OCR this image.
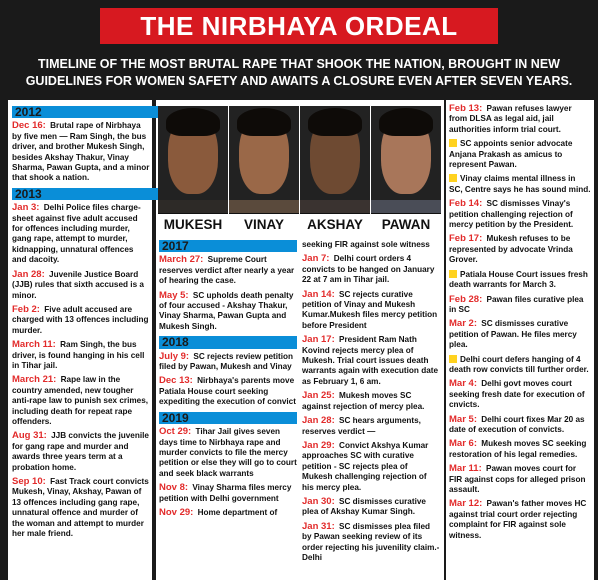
THE NIRBHAYA ORDEAL
TIMELINE OF THE MOST BRUTAL RAPE THAT SHOOK THE NATION, BROUGHT IN NEW GUIDELINES FOR WOMEN SAFETY AND AWAITS A CLOSURE EVEN AFTER SEVEN YEARS.
MUKESH	VINAY	AKSHAY	PAWAN
2012
Dec 16: Brutal rape of Nirbhaya by five men — Ram Singh, the bus driver, and brother Mukesh Singh, besides Akshay Thakur, Vinay Sharma, Pawan Gupta, and a minor that shook a nation.
2013
Jan 3: Delhi Police files charge-sheet against five adult accused for offences including murder, gang rape, attempt to murder, kidnapping, unnatural offences and dacoity.
Jan 28: Juvenile Justice Board (JJB) rules that sixth accused is a minor.
Feb 2: Five adult accused are charged with 13 offences including murder.
March 11: Ram Singh, the bus driver, is found hanging in his cell in Tihar jail.
March 21: Rape law in the country amended, new tougher anti-rape law to punish sex crimes, including death for repeat rape offenders.
Aug 31: JJB convicts the juvenile for gang rape and murder and awards three years term at a probation home.
Sep 10: Fast Track court convicts Mukesh, Vinay, Akshay, Pawan of 13 offences including gang rape, unnatural offence and murder of the woman and attempt to murder her male friend.
2017
March 27: Supreme Court reserves verdict after nearly a year of hearing the case.
May 5: SC upholds death penalty of four accused - Akshay Thakur, Vinay Sharma, Pawan Gupta and Mukesh Singh.
2018
July 9: SC rejects review petition filed by Pawan, Mukesh and Vinay
Dec 13: Nirbhaya's parents move Patiala House court seeking expediting the execution of convict
2019
Oct 29: Tihar Jail gives seven days time to Nirbhaya rape and murder convicts to file the mercy petition or else they will go to court and seek black warrants
Nov 8: Vinay Sharma files mercy petition with Delhi government
Nov 29: Home department of
seeking FIR against sole witness
Jan 7: Delhi court orders 4 convicts to be hanged on January 22 at 7 am in Tihar jail.
Jan 14: SC rejects curative petition of Vinay and Mukesh Kumar.Mukesh files mercy petition before President
Jan 17: President Ram Nath Kovind rejects mercy plea of Mukesh. Trial court issues death warrants again with execution date as February 1, 6 am.
Jan 25: Mukesh moves SC against rejection of mercy plea.
Jan 28: SC hears arguments, reserves verdict —
Jan 29: Convict Akshya Kumar approaches SC with curative petition - SC rejects plea of Mukesh challenging rejection of his mercy plea.
Jan 30: SC dismisses curative plea of Akshay Kumar Singh.
Jan 31: SC dismisses plea filed by Pawan seeking review of its order rejecting his juvenility claim.- Delhi
Feb 13: Pawan refuses lawyer from DLSA as legal aid, jail authorities inform trial court.
SC appoints senior advocate Anjana Prakash as amicus to represent Pawan.
Vinay claims mental illness in SC, Centre says he has sound mind.
Feb 14: SC dismisses Vinay's petition challenging rejection of mercy petition by the President.
Feb 17: Mukesh refuses to be represented by advocate Vrinda Grover.
Patiala House Court issues fresh death warrants for March 3.
Feb 28: Pawan files curative plea in SC
Mar 2: SC dismisses curative petition of Pawan. He files mercy plea.
Delhi court defers hanging of 4 death row convicts till further order.
Mar 4: Delhi govt moves court seeking fresh date for execution of cnvicts.
Mar 5: Delhi court fixes Mar 20 as date of execution of convicts.
Mar 6: Mukesh moves SC seeking restoration of his legal remedies.
Mar 11: Pawan moves court for FIR against cops for alleged prison assault.
Mar 12: Pawan's father moves HC against trial court order rejecting complaint for FIR against sole witness.
